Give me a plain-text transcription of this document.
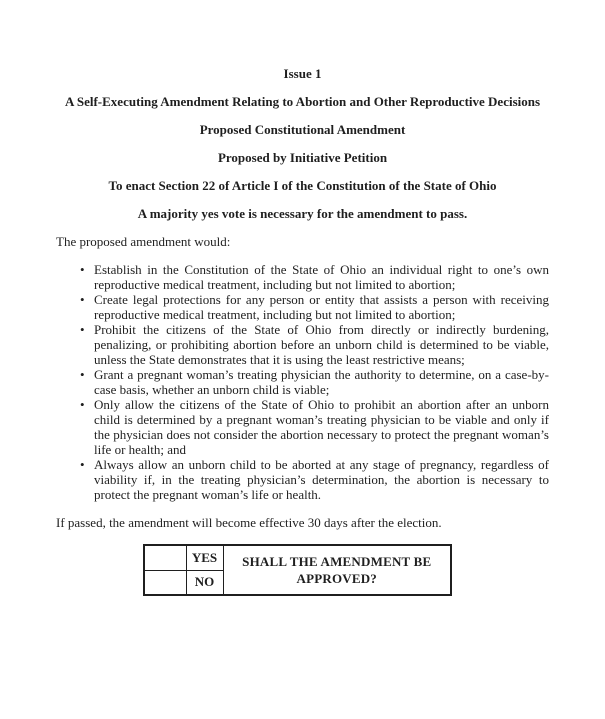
Issue 1
A Self-Executing Amendment Relating to Abortion and Other Reproductive Decisions
Proposed Constitutional Amendment
Proposed by Initiative Petition
To enact Section 22 of Article I of the Constitution of the State of Ohio
A majority yes vote is necessary for the amendment to pass.

The proposed amendment would:

• Establish in the Constitution of the State of Ohio an individual right to one’s own reproductive medical treatment, including but not limited to abortion;
• Create legal protections for any person or entity that assists a person with receiving reproductive medical treatment, including but not limited to abortion;
• Prohibit the citizens of the State of Ohio from directly or indirectly burdening, penalizing, or prohibiting abortion before an unborn child is determined to be viable, unless the State demonstrates that it is using the least restrictive means;
• Grant a pregnant woman’s treating physician the authority to determine, on a case-by-case basis, whether an unborn child is viable;
• Only allow the citizens of the State of Ohio to prohibit an abortion after an unborn child is determined by a pregnant woman’s treating physician to be viable and only if the physician does not consider the abortion necessary to protect the pregnant woman’s life or health; and
• Always allow an unborn child to be aborted at any stage of pregnancy, regardless of viability if, in the treating physician’s determination, the abortion is necessary to protect the pregnant woman’s life or health.

If passed, the amendment will become effective 30 days after the election.

	YES	SHALL THE AMENDMENT BE APPROVED?
	NO	
